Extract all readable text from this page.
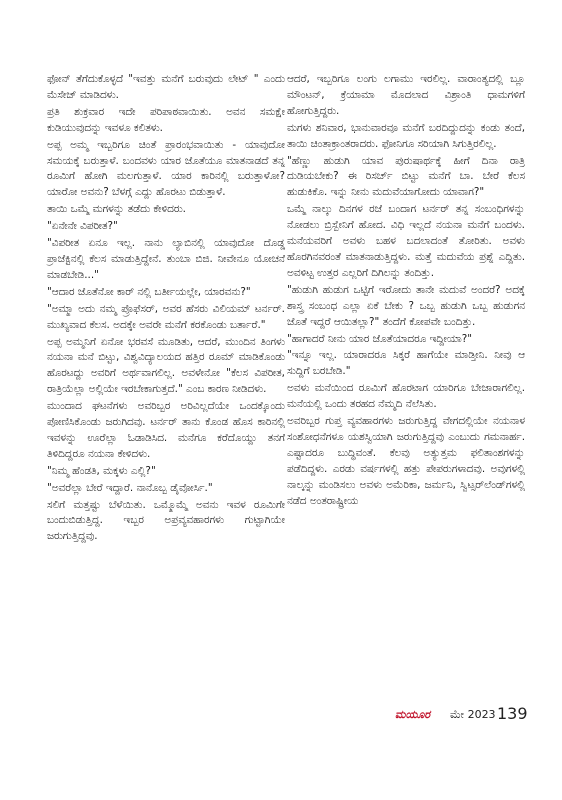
ಫೋನ್ ತೆಗೆದುಕೊಳ್ಳದೆ "ಇವತ್ತು ಮನೆಗೆ ಬರುವುದು ಲೇಟ್ " ಎಂದು ಮೆಸೇಜ್ ಮಾಡಿದಳು.

ಪ್ರತಿ ಶುಕ್ರವಾರ ಇದೇ ಪರಿಪಾಠವಾಯಿತು. ಅವನ ಸಮಕ್ಷೇ ಕುಡಿಯುವುದನ್ನು ಇವಳೂ ಕಲಿತಳು.

ಅಪ್ಪ ಅಮ್ಮ ಇಬ್ಬರಿಗೂ ಚಿಂತೆ ಪ್ರಾರಂಭವಾಯಿತು - ಯಾವುದೋ ಸಮಯಕ್ಕೆ ಬರುತ್ತಾಳೆ. ಬಂದವಳು ಯಾರ ಜೊತೆಯೂ ಮಾತನಾಡದೆ ತನ್ನ ರೂಮಿಗೆ ಹೋಗಿ ಮಲಗುತ್ತಾಳೆ. ಯಾರ ಕಾರಿನಲ್ಲಿ ಬರುತ್ತಾಳೋ? ಯಾರೋ ಅವನು? ಬೆಳಗ್ಗೆ ಎದ್ದು ಹೊರಟು ಬಿಡುತ್ತಾಳೆ.

ತಾಯಿ ಒಮ್ಮೆ ಮಗಳನ್ನು ತಡೆದು ಕೇಳಿದರು.

"ಏನೇನೇ ವಿಪರೀತ?"

"ವಿಪರೀತ ಏನೂ ಇಲ್ಲ. ನಾನು ಲ್ಯಾಬಿನಲ್ಲಿ ಯಾವುದೋ ದೊಡ್ಡ ಪ್ರಾಜೆಕ್ಟಿನಲ್ಲಿ ಕೆಲಸ ಮಾಡುತ್ತಿದ್ದೇನೆ. ತುಂಬಾ ಬಿಜಿ. ನೀವೇನೂ ಯೋಚನೆ ಮಾಡಬೇಡಿ..."

"ಆದಾರ ಜೊತೆನೋ ಕಾರ್ ನಲ್ಲಿ ಬರ್ತೀಯಲ್ಲೇ, ಯಾರವನು?"

"ಅಮ್ಮಾ ಅದು ನಮ್ಮ ಪ್ರೊಫೆಸರ್, ಅವರ ಹೆಸರು ವಿಲಿಯಮ್ ಟರ್ನರ್. ಮುಖ್ಯವಾದ ಕೆಲಸ. ಅದಕ್ಕೇ ಅವರೇ ಮನೆಗೆ ಕರಕೊಂಡು ಬರ್ತಾರೆ."

ಅಪ್ಪ ಅಮ್ಮನಿಗೆ ಏನೋ ಭರವಸೆ ಮೂಡಿತು, ಆದರೆ, ಮುಂದಿನ ತಿಂಗಳು ನಯನಾ ಮನೆ ಬಿಟ್ಟು, ವಿಶ್ವವಿದ್ಯಾಲಯದ ಹತ್ತಿರ ರೂಮ್ ಮಾಡಿಕೊಂಡು ಹೊರಟದ್ದು ಅವರಿಗೆ ಅರ್ಥವಾಗಲಿಲ್ಲ. ಅವಳೇನೋ "ಕೆಲಸ ವಿಪರೀತ, ರಾತ್ರಿಯೆಲ್ಲಾ ಅಲ್ಲಿಯೇ ಇರಬೇಕಾಗುತ್ತದೆ." ಎಂಬ ಕಾರಣ ನೀಡಿದಳು.

ಮುಂದಾದ ಘಟನೆಗಳು ಅವರಿಬ್ಬರ ಅರಿವಿಲ್ಲದೆಯೇ ಒಂದಕ್ಕೊಂದು ಪೋಣಿಸಿಕೊಂಡು ಜರುಗಿದವು. ಟರ್ನರ್ ತಾನು ಕೊಂಡ ಹೊಸ ಕಾರಿನಲ್ಲಿ ಇವಳನ್ನು ಊರೆಲ್ಲಾ ಓಡಾಡಿಸಿದ. ಮನೆಗೂ ಕರೆದೊಯ್ದು ತನಗೆ ತಿಳಿದಿದ್ದರೂ ನಯನಾ ಕೇಳಿದಳು.

"ನಿಮ್ಮ ಹೆಂಡತಿ, ಮಕ್ಕಳು ಎಲ್ಲಿ?"

"ಅವರೆಲ್ಲಾ ಬೇರೆ ಇದ್ದಾರೆ. ನಾನೊಬ್ಬ ಡೈವೋರ್ಸಿ."

ಸಲಿಗೆ ಮತ್ತಷ್ಟು ಬೆಳೆಯಿತು. ಒಮ್ಮೊಮ್ಮೆ ಅವನು ಇವಳ ರೂಮಿಗೇ ಬಂದುಬಿಡುತ್ತಿದ್ದ. ಇಬ್ಬರ ಅಪ್ರವ್ಯವಹಾರಗಳು ಗುಟ್ಟಾಗಿಯೇ ಜರುಗುತ್ತಿದ್ದವು.

ಆದರೆ, ಇಬ್ಬರಿಗೂ ಲಂಗು ಲಗಾಮು ಇರಲಿಲ್ಲ. ವಾರಾಂತ್ಯದಲ್ಲಿ ಬ್ಲೂ ಮೌಂಟನ್, ಕ್ರೆಯಾಮಾ ಮೊದಲಾದ ವಿಶ್ರಾಂತಿ ಧಾಮಗಳಿಗೆ ಹೋಗುತ್ತಿದ್ದರು.

ಮಗಳು ಶನಿವಾರ, ಭಾನುವಾರವೂ ಮನೆಗೆ ಬರದಿದ್ದುದನ್ನು ಕಂಡು ತಂದೆ, ತಾಯಿ ಚಿಂತಾಕ್ರಾಂತರಾದರು. ಫೋನಿಗೂ ಸರಿಯಾಗಿ ಸಿಗುತ್ತಿರಲಿಲ್ಲ.

"ಹೆಣ್ಣು ಹುಡುಗಿ ಯಾವ ಪುರುಷಾರ್ಥಕ್ಕೆ ಹೀಗೆ ದಿನಾ ರಾತ್ರಿ ದುಡಿಯಬೇಕು? ಈ ರಿಸರ್ಚ್ ಬಿಟ್ಟು ಮನೆಗೆ ಬಾ. ಬೇರೆ ಕೆಲಸ ಹುಡುಕಿಕೊ. ಇನ್ನು ನೀನು ಮದುವೆಯಾಗೋದು ಯಾವಾಗ?"

ಒಮ್ಮೆ ನಾಲ್ಕು ದಿನಗಳ ರಜೆ ಬಂದಾಗ ಟರ್ನರ್ ತನ್ನ ಸಂಬಂಧಿಗಳನ್ನು ನೋಡಲು ಬ್ರಿಸ್ಬೇನಿಗೆ ಹೋದ. ವಿಧಿ ಇಲ್ಲದೆ ನಯನಾ ಮನೆಗೆ ಬಂದಳು. ಮನೆಯವರಿಗೆ ಅವಳು ಬಹಳ ಬದಲಾದಂತೆ ತೋರಿತು. ಅವಳು ಹೊರಗಿನವರಂತೆ ಮಾತನಾಡುತ್ತಿದ್ದಳು. ಮತ್ತೆ ಮದುವೆಯ ಪ್ರಶ್ನೆ ಎದ್ದಿತು. ಅವಳಿಟ್ಟ ಉತ್ತರ ಎಲ್ಲರಿಗೆ ದಿಗಿಲನ್ನು ತಂದಿತ್ತು.

"ಹುಡುಗಿ ಹುಡುಗ ಒಟ್ಟಿಗೆ ಇರೋದು ತಾನೇ ಮದುವೆ ಅಂದರೆ? ಅದಕ್ಕೆ ಶಾಸ್ತ್ರ ಸಂಬಂಧ ಎಲ್ಲಾ ಏಕೆ ಬೇಕು ? ಒಬ್ಬ ಹುಡುಗಿ ಒಬ್ಬ ಹುಡುಗನ ಜೊತೆ ಇದ್ದರೆ ಆಯಿತಲ್ಲಾ?" ತಂದೆಗೆ ಕೋಪವೇ ಬಂದಿತ್ತು.

"ಹಾಗಾದರೆ ನೀನು ಯಾರ ಜೊತೆಯಾದರೂ ಇದ್ದೀಯಾ?"

"ಇನ್ನೂ ಇಲ್ಲ. ಯಾರಾದರೂ ಸಿಕ್ಕರೆ ಹಾಗೆಯೇ ಮಾಡ್ತೀನಿ. ನೀವು ಆ ಸುದ್ದಿಗೆ ಬರಬೇಡಿ."

ಅವಳು ಮನೆಯಿಂದ ರೂಮಿಗೆ ಹೊರಟಾಗ ಯಾರಿಗೂ ಬೇಜಾರಾಗಲಿಲ್ಲ. ಮನೆಯಲ್ಲಿ ಒಂದು ತರಹದ ನೆಮ್ಮದಿ ನೆಲೆಸಿತು.

ಅವರಿಬ್ಬರ ಗುಪ್ತ ವ್ಯವಹಾರಗಳು ಜರುಗುತ್ತಿದ್ದ ವೇಗದಲ್ಲಿಯೇ ನಯನಾಳ ಸಂಶೋಧನೆಗಳೂ ಯಶಸ್ವಿಯಾಗಿ ಜರುಗುತ್ತಿದ್ದವು ಎಂಬುದು ಗಮನಾರ್ಹ. ಎಷ್ಟಾದರೂ ಬುದ್ಧಿವಂತೆ. ಕೆಲವು ಅತ್ಯುತ್ತಮ ಫಲಿತಾಂಶಗಳನ್ನು ಪಡೆದಿದ್ದಳು. ಎರಡು ವರ್ಷಗಳಲ್ಲಿ ಹತ್ತು ಪೇಪರುಗಳಾದವು. ಅವುಗಳಲ್ಲಿ ನಾಲ್ಕನ್ನು ಮಂಡಿಸಲು ಅವಳು ಅಮೆರಿಕಾ, ಜರ್ಮನಿ, ಸ್ವಿಟ್ಸರ್‌ಲೆಂಡ್‌ಗಳಲ್ಲಿ ನಡೆದ ಅಂತರಾಷ್ಟ್ರೀಯ

ಮಯೂರ ಮೇ 2023 139
